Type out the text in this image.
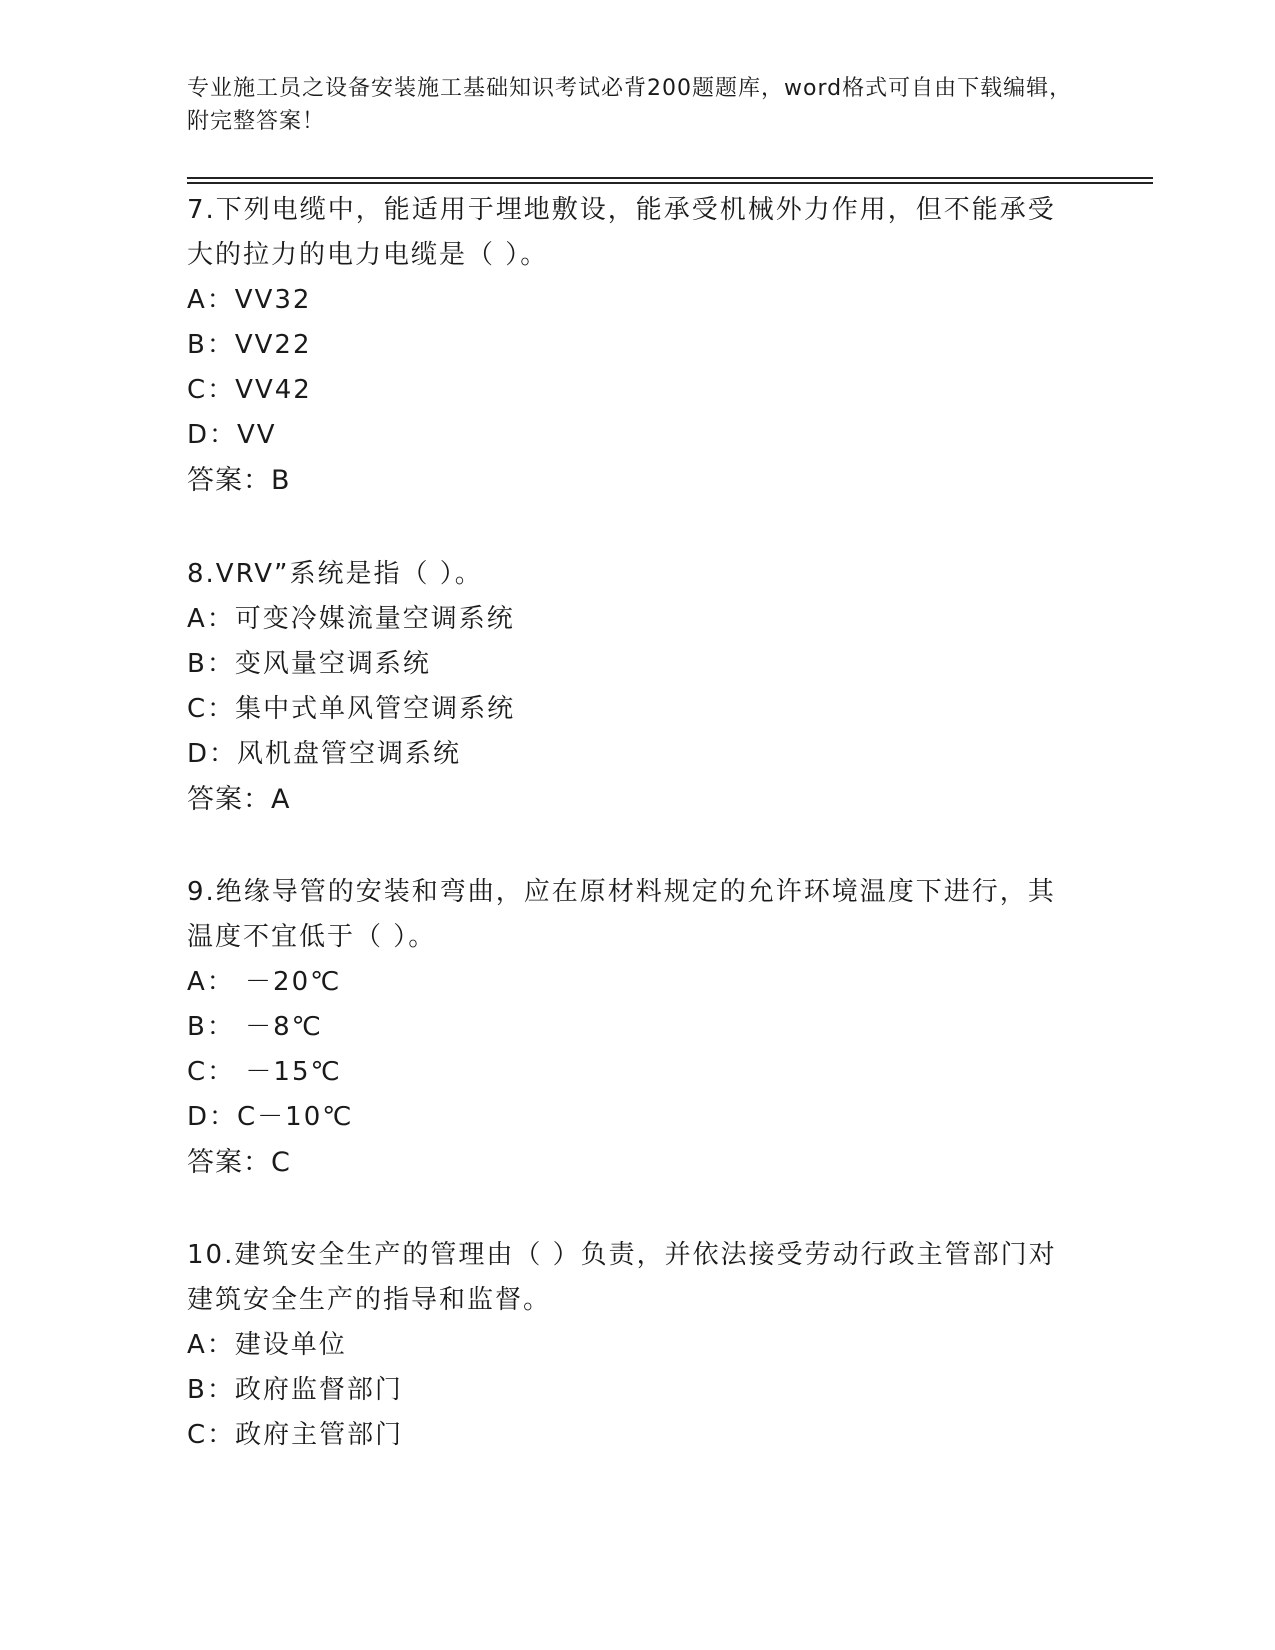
专业施工员之设备安装施工基础知识考试必背200题题库，word格式可自由下载编辑，附完整答案！

7.下列电缆中，能适用于埋地敷设，能承受机械外力作用，但不能承受大的拉力的电力电缆是（ ）。

A：VV32
B：VV22
C：VV42
D：VV
答案：B

8.VRV”系统是指（ ）。

A：可变冷媒流量空调系统
B：变风量空调系统
C：集中式单风管空调系统
D：风机盘管空调系统
答案：A

9.绝缘导管的安装和弯曲，应在原材料规定的允许环境温度下进行，其温度不宜低于（ ）。

A： －20℃
B： －8℃
C： －15℃
D：C－10℃
答案：C

10.建筑安全生产的管理由（ ）负责，并依法接受劳动行政主管部门对建筑安全生产的指导和监督。

A：建设单位
B：政府监督部门
C：政府主管部门
